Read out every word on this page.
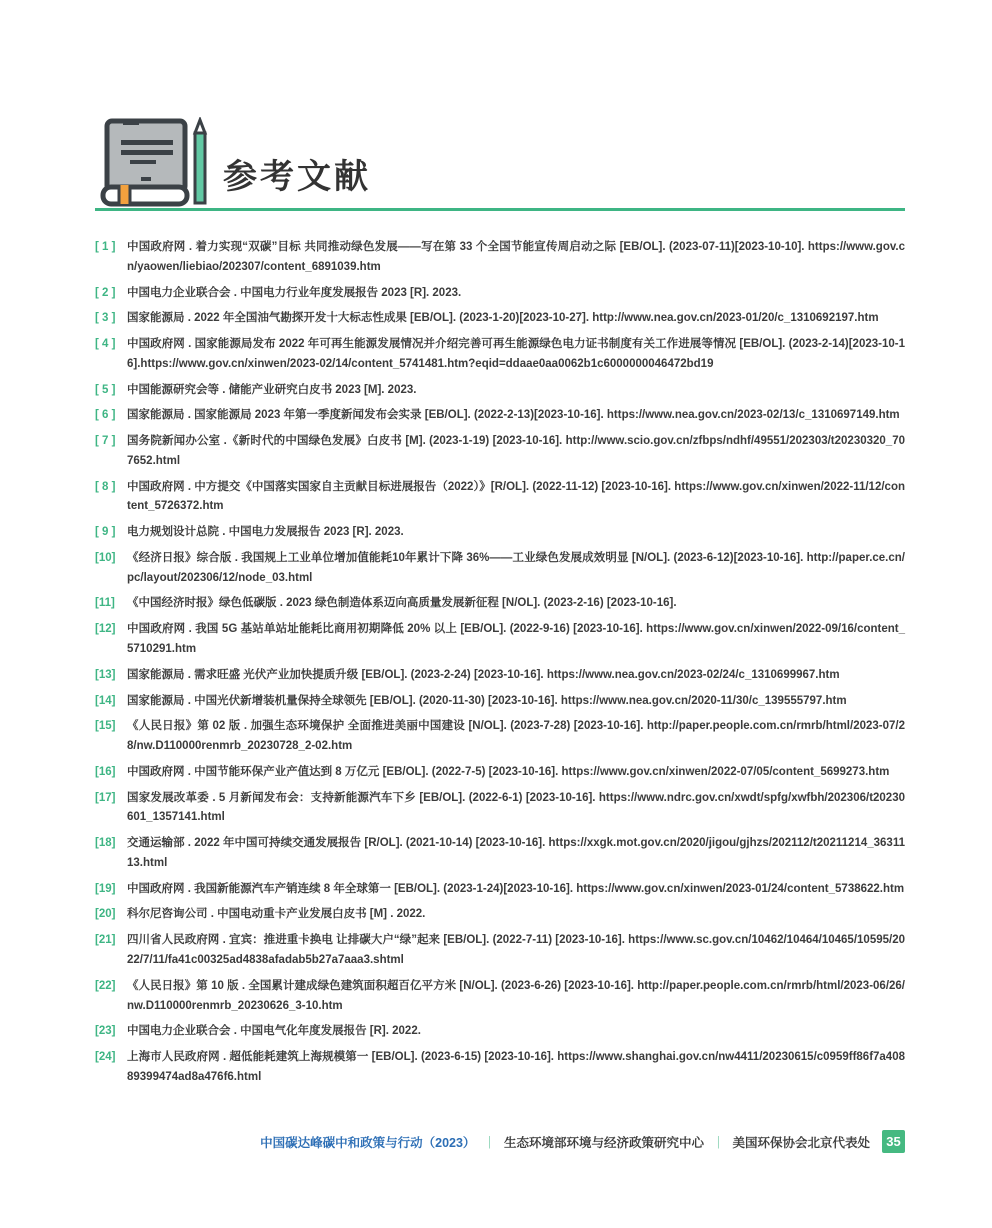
参考文献
[ 1 ]	中国政府网 . 着力实现“双碳”目标 共同推动绿色发展——写在第 33 个全国节能宣传周启动之际 [EB/OL]. (2023-07-11)[2023-10-10]. https://www.gov.cn/yaowen/liebiao/202307/content_6891039.htm
[ 2 ]	中国电力企业联合会 . 中国电力行业年度发展报告 2023 [R]. 2023.
[ 3 ]	国家能源局 . 2022 年全国油气勘探开发十大标志性成果 [EB/OL]. (2023-1-20)[2023-10-27]. http://www.nea.gov.cn/2023-01/20/c_1310692197.htm
[ 4 ]	中国政府网 . 国家能源局发布 2022 年可再生能源发展情况并介绍完善可再生能源绿色电力证书制度有关工作进展等情况 [EB/OL]. (2023-2-14)[2023-10-16].https://www.gov.cn/xinwen/2023-02/14/content_5741481.htm?eqid=ddaae0aa0062b1c6000000046472bd19
[ 5 ]	中国能源研究会等 . 储能产业研究白皮书 2023 [M]. 2023.
[ 6 ]	国家能源局 . 国家能源局 2023 年第一季度新闻发布会实录 [EB/OL]. (2022-2-13)[2023-10-16]. https://www.nea.gov.cn/2023-02/13/c_1310697149.htm
[ 7 ]	国务院新闻办公室 .《新时代的中国绿色发展》白皮书 [M]. (2023-1-19) [2023-10-16]. http://www.scio.gov.cn/zfbps/ndhf/49551/202303/t20230320_707652.html
[ 8 ]	中国政府网 . 中方提交《中国落实国家自主贡献目标进展报告（2022）》[R/OL]. (2022-11-12) [2023-10-16]. https://www.gov.cn/xinwen/2022-11/12/content_5726372.htm
[ 9 ]	电力规划设计总院 . 中国电力发展报告 2023 [R]. 2023.
[10]	《经济日报》综合版 . 我国规上工业单位增加值能耗10年累计下降 36%——工业绿色发展成效明显 [N/OL]. (2023-6-12)[2023-10-16]. http://paper.ce.cn/pc/layout/202306/12/node_03.html
[11]	《中国经济时报》绿色低碳版 . 2023 绿色制造体系迈向高质量发展新征程 [N/OL]. (2023-2-16) [2023-10-16].
[12]	中国政府网 . 我国 5G 基站单站址能耗比商用初期降低 20% 以上 [EB/OL]. (2022-9-16) [2023-10-16]. https://www.gov.cn/xinwen/2022-09/16/content_5710291.htm
[13]	国家能源局 . 需求旺盛 光伏产业加快提质升级 [EB/OL]. (2023-2-24) [2023-10-16]. https://www.nea.gov.cn/2023-02/24/c_1310699967.htm
[14]	国家能源局 . 中国光伏新增装机量保持全球领先 [EB/OL]. (2020-11-30) [2023-10-16]. https://www.nea.gov.cn/2020-11/30/c_139555797.htm
[15]	《人民日报》第 02 版 . 加强生态环境保护 全面推进美丽中国建设 [N/OL]. (2023-7-28) [2023-10-16]. http://paper.people.com.cn/rmrb/html/2023-07/28/nw.D110000renmrb_20230728_2-02.htm
[16]	中国政府网 . 中国节能环保产业产值达到 8 万亿元 [EB/OL]. (2022-7-5) [2023-10-16]. https://www.gov.cn/xinwen/2022-07/05/content_5699273.htm
[17]	国家发展改革委 . 5 月新闻发布会：支持新能源汽车下乡 [EB/OL]. (2022-6-1) [2023-10-16]. https://www.ndrc.gov.cn/xwdt/spfg/xwfbh/202306/t20230601_1357141.html
[18]	交通运输部 . 2022 年中国可持续交通发展报告 [R/OL]. (2021-10-14) [2023-10-16]. https://xxgk.mot.gov.cn/2020/jigou/gjhzs/202112/t20211214_3631113.html
[19]	中国政府网 . 我国新能源汽车产销连续 8 年全球第一 [EB/OL]. (2023-1-24)[2023-10-16]. https://www.gov.cn/xinwen/2023-01/24/content_5738622.htm
[20]	科尔尼咨询公司 . 中国电动重卡产业发展白皮书 [M] . 2022.
[21]	四川省人民政府网 . 宜宾：推进重卡换电 让排碳大户“绿”起来 [EB/OL]. (2022-7-11) [2023-10-16]. https://www.sc.gov.cn/10462/10464/10465/10595/2022/7/11/fa41c00325ad4838afadab5b27a7aaa3.shtml
[22]	《人民日报》第 10 版 . 全国累计建成绿色建筑面积超百亿平方米 [N/OL]. (2023-6-26) [2023-10-16]. http://paper.people.com.cn/rmrb/html/2023-06/26/nw.D110000renmrb_20230626_3-10.htm
[23]	中国电力企业联合会 . 中国电气化年度发展报告 [R]. 2022.
[24]	上海市人民政府网 . 超低能耗建筑上海规模第一 [EB/OL]. (2023-6-15) [2023-10-16]. https://www.shanghai.gov.cn/nw4411/20230615/c0959ff86f7a40889399474ad8a476f6.html
中国碳达峰碳中和政策与行动（2023） ｜ 生态环境部环境与经济政策研究中心 ｜ 美国环保协会北京代表处	35
